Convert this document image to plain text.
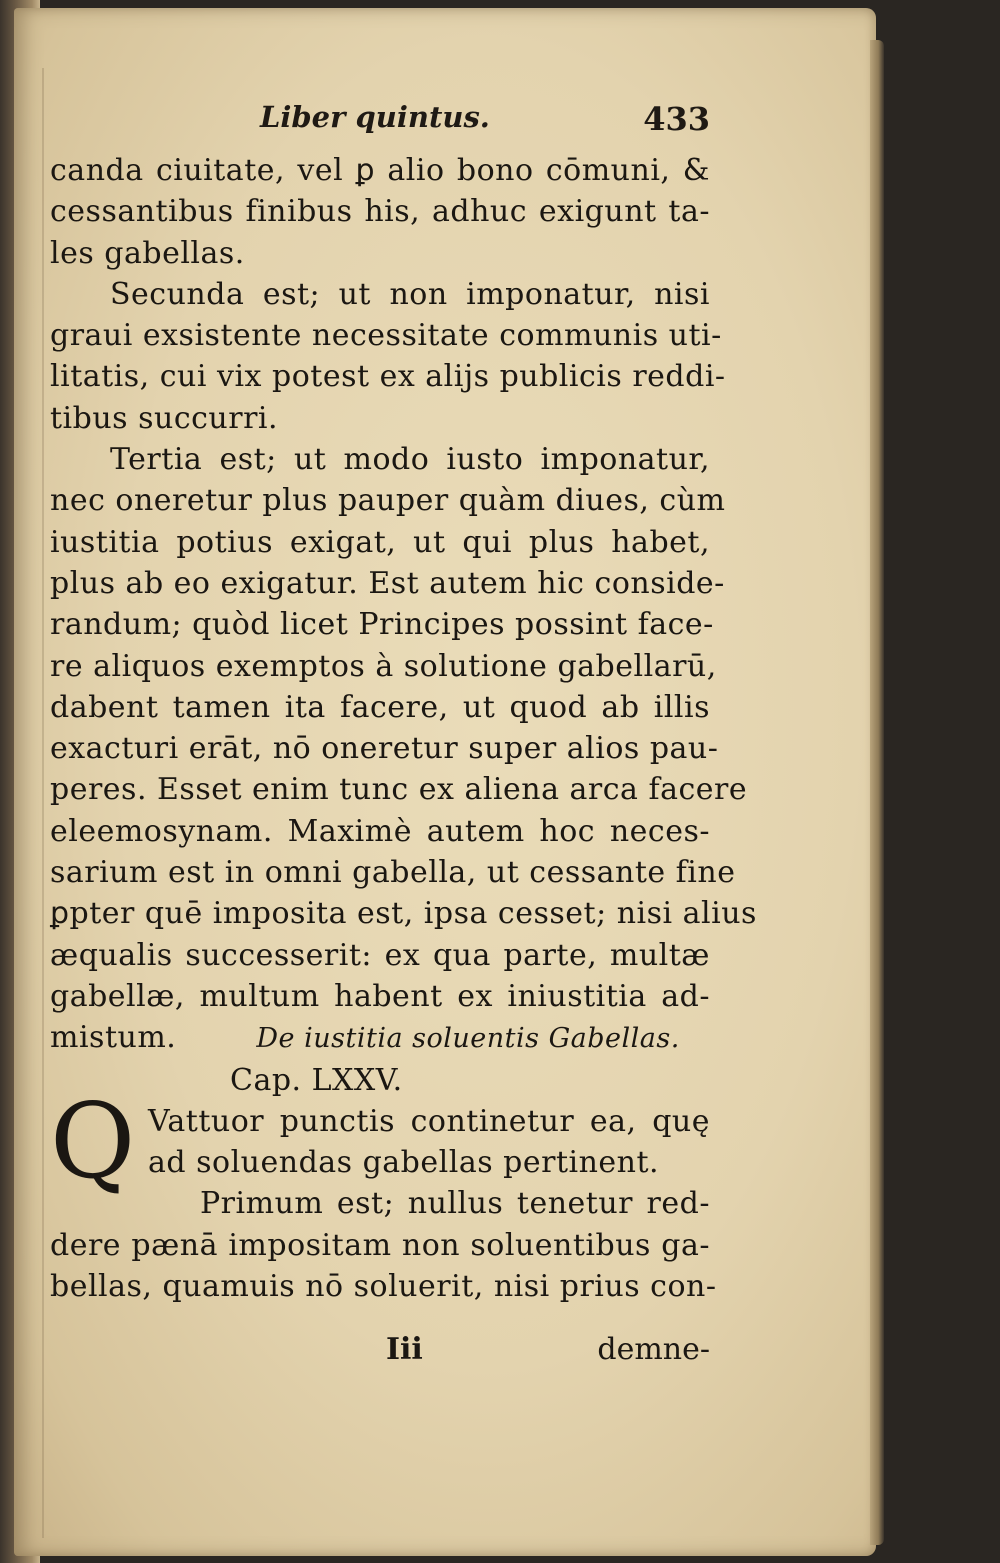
Liber quintus.	433
canda ciuitate, vel ꝑ alio bono cōmuni, &
cessantibus finibus his, adhuc exigunt ta-
les gabellas.
Secunda est; ut non imponatur, nisi
graui exsistente necessitate communis uti-
litatis, cui vix potest ex alijs publicis reddi-
tibus succurri.
Tertia est; ut modo iusto imponatur,
nec oneretur plus pauper quàm diues, cùm
iustitia potius exigat, ut qui plus habet,
plus ab eo exigatur. Est autem hic conside-
randum; quòd licet Principes possint face-
re aliquos exemptos à solutione gabellarū,
dabent tamen ita facere, ut quod ab illis
exacturi erāt, nō oneretur super alios pau-
peres. Esset enim tunc ex aliena arca facere
eleemosynam. Maximè autem hoc neces-
sarium est in omni gabella, ut cessante fine
ꝑpter quē imposita est, ipsa cesset; nisi alius
æqualis successerit: ex qua parte, multæ
gabellæ, multum habent ex iniustitia ad-
mistum.	De iustitia soluentis Gabellas.
Cap. LXXV.
Q Vattuor punctis continetur ea, quę
ad soluendas gabellas pertinent.
Primum est; nullus tenetur red-
dere pænā impositam non soluentibus ga-
bellas, quamuis nō soluerit, nisi prius con-
Iii	demne-
